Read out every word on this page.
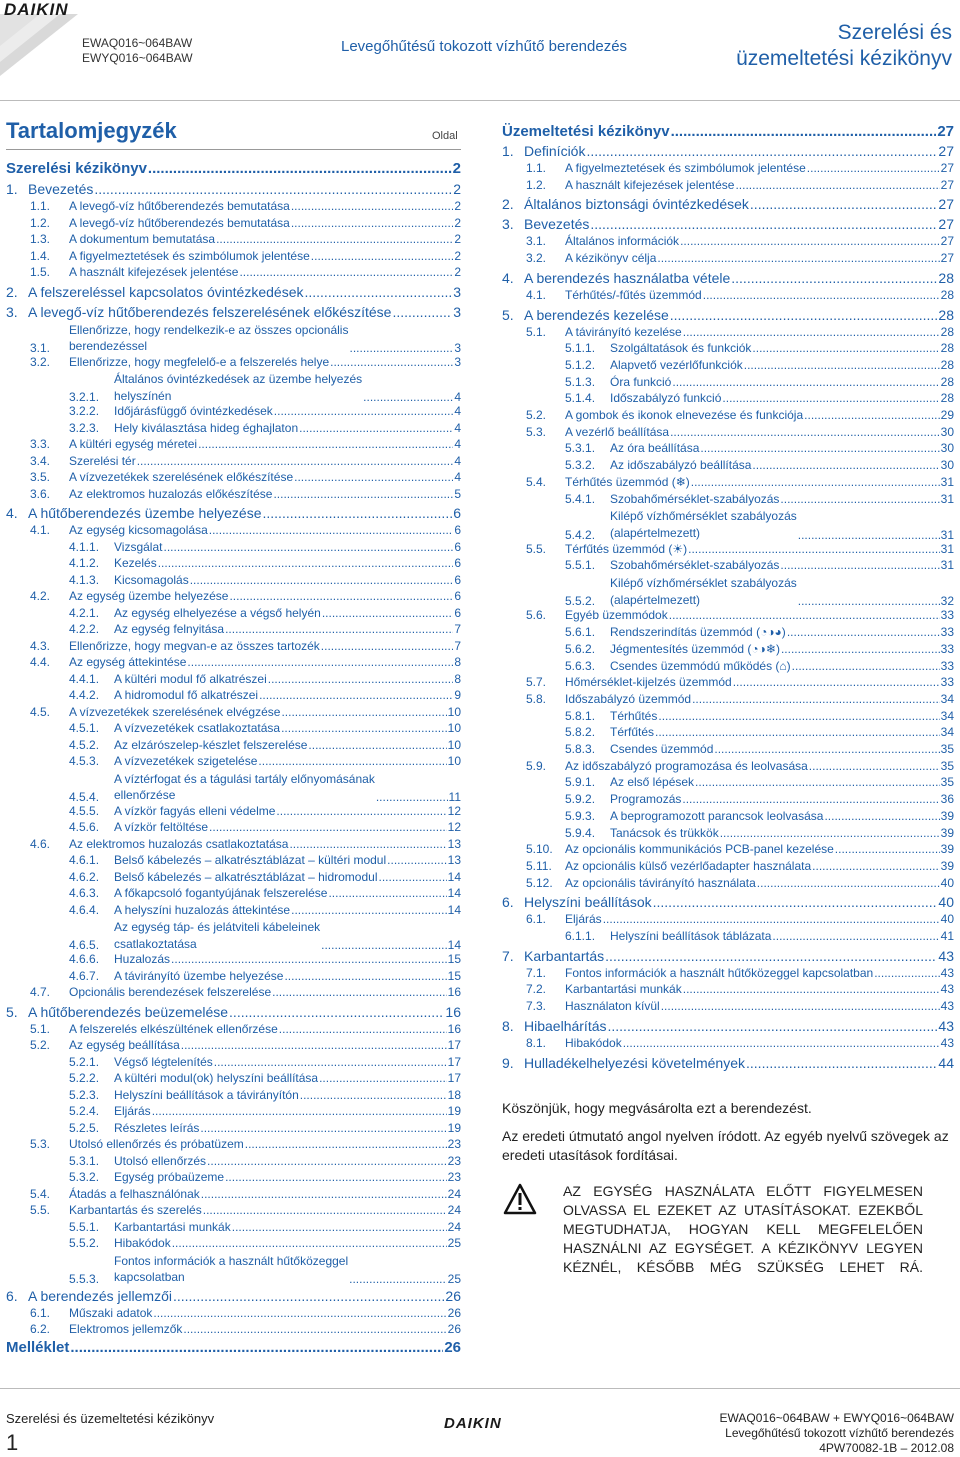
DAIKIN
EWAQ016~064BAW
EWYQ016~064BAW
Levegőhűtésű tokozott vízhűtő berendezés
Szerelési és
üzemeltetési kézikönyv
Tartalomjegyzék	Oldal
Szerelési kézikönyv .....	2
1. Bevezetés .....	2
1.1.	A levegő-víz hűtőberendezés bemutatása .....	2
1.2.	A levegő-víz hűtőberendezés bemutatása .....	2
1.3.	A dokumentum bemutatása .....	2
1.4.	A figyelmeztetések és szimbólumok jelentése .....	2
1.5.	A használt kifejezések jelentése .....	2
2. A felszereléssel kapcsolatos óvintézkedések .....	3
3. A levegő-víz hűtőberendezés felszerelésének előkészítése .....	3
3.1.
Ellenőrizze, hogy rendelkezik-e az összes opcionális
berendezéssel .....	3
3.2.	Ellenőrizze, hogy megfelelő-e a felszerelés helye .....	3
3.2.1.
Általános óvintézkedések az üzembe helyezés
helyszínén .....	4
3.2.2.	Időjárásfüggő óvintézkedések .....	4
3.2.3.	Hely kiválasztása hideg éghajlaton .....	4
3.3.	A kültéri egység méretei .....	4
3.4.	Szerelési tér .....	4
3.5.	A vízvezetékek szerelésének előkészítése .....	4
3.6.	Az elektromos huzalozás előkészítése .....	5
4. A hűtőberendezés üzembe helyezése .....	6
4.1.	Az egység kicsomagolása .....	6
4.1.1.	Vizsgálat .....	6
4.1.2.	Kezelés .....	6
4.1.3.	Kicsomagolás .....	6
4.2.	Az egység üzembe helyezése .....	6
4.2.1.	Az egység elhelyezése a végső helyén .....	6
4.2.2.	Az egység felnyitása .....	7
4.3.	Ellenőrizze, hogy megvan-e az összes tartozék .....	7
4.4.	Az egység áttekintése .....	8
4.4.1.	A kültéri modul fő alkatrészei .....	8
4.4.2.	A hidromodul fő alkatrészei .....	9
4.5.	A vízvezetékek szerelésének elvégzése .....	10
4.5.1.	A vízvezetékek csatlakoztatása .....	10
4.5.2.	Az elzárószelep-készlet felszerelése .....	10
4.5.3.	A vízvezetékek szigetelése .....	10
4.5.4.
A víztérfogat és a tágulási tartály előnyomásának
ellenőrzése .....	11
4.5.5.	A vízkör fagyás elleni védelme .....	12
4.5.6.	A vízkör feltöltése .....	12
4.6.	Az elektromos huzalozás csatlakoztatása .....	13
4.6.1.	Belső kábelezés – alkatrésztáblázat – kültéri modul .....	13
4.6.2.	Belső kábelezés – alkatrésztáblázat – hidromodul .....	14
4.6.3.	A főkapcsoló fogantyújának felszerelése .....	14
4.6.4.	A helyszíni huzalozás áttekintése .....	14
4.6.5.
Az egység táp- és jelátviteli kábeleinek
csatlakoztatása .....	14
4.6.6.	Huzalozás .....	15
4.6.7.	A távirányító üzembe helyezése .....	15
4.7.	Opcionális berendezések felszerelése .....	16
5. A hűtőberendezés beüzemelése .....	16
5.1.	A felszerelés elkészültének ellenőrzése .....	16
5.2.	Az egység beállítása .....	17
5.2.1.	Végső légtelenítés .....	17
5.2.2.	A kültéri modul(ok) helyszíni beállítása .....	17
5.2.3.	Helyszíni beállítások a távirányítón .....	18
5.2.4.	Eljárás .....	19
5.2.5.	Részletes leírás .....	19
5.3.	Utolsó ellenőrzés és próbatüzem .....	23
5.3.1.	Utolsó ellenőrzés .....	23
5.3.2.	Egység próbaüzeme .....	23
5.4.	Átadás a felhasználónak .....	24
5.5.	Karbantartás és szerelés .....	24
5.5.1.	Karbantartási munkák .....	24
5.5.2.	Hibakódok .....	25
5.5.3.
Fontos információk a használt hűtőközeggel
kapcsolatban .....	25
6. A berendezés jellemzői .....	26
6.1.	Műszaki adatok .....	26
6.2.	Elektromos jellemzők .....	26
Melléklet .....	26
Üzemeltetési kézikönyv .....	27
1. Definíciók .....	27
1.1.	A figyelmeztetések és szimbólumok jelentése .....	27
1.2.	A használt kifejezések jelentése .....	27
2. Általános biztonsági óvintézkedések .....	27
3. Bevezetés .....	27
3.1.	Általános információk .....	27
3.2.	A kézikönyv célja .....	27
4. A berendezés használatba vétele .....	28
4.1.	Térhűtés/-fűtés üzemmód .....	28
5. A berendezés kezelése .....	28
5.1.	A távirányító kezelése .....	28
5.1.1.	Szolgáltatások és funkciók .....	28
5.1.2.	Alapvető vezérlőfunkciók .....	28
5.1.3.	Óra funkció .....	28
5.1.4.	Időszabályzó funkció .....	28
5.2.	A gombok és ikonok elnevezése és funkciója .....	29
5.3.	A vezérlő beállítása .....	30
5.3.1.	Az óra beállítása .....	30
5.3.2.	Az időszabályzó beállítása .....	30
5.4.	Térhűtés üzemmód (❄) .....	31
5.4.1.	Szobahőmérséklet-szabályozás .....	31
5.4.2.
Kilépő vízhőmérséklet szabályozás
(alapértelmezett) .....	31
5.5.	Térfűtés üzemmód (☀) .....	31
5.5.1.	Szobahőmérséklet-szabályozás .....	31
5.5.2.
Kilépő vízhőmérséklet szabályozás
(alapértelmezett) .....	32
5.6.	Egyéb üzemmódok .....	33
5.6.1.	Rendszerindítás üzemmód (◔◑◕) .....	33
5.6.2.	Jégmentesítés üzemmód (◔◑❄) .....	33
5.6.3.	Csendes üzemmódú működés (⌂) .....	33
5.7.	Hőmérséklet-kijelzés üzemmód .....	33
5.8.	Időszabályzó üzemmód .....	34
5.8.1.	Térhűtés .....	34
5.8.2.	Térfűtés .....	34
5.8.3.	Csendes üzemmód .....	35
5.9.	Az időszabályzó programozása és leolvasása .....	35
5.9.1.	Az első lépések .....	35
5.9.2.	Programozás .....	36
5.9.3.	A beprogramozott parancsok leolvasása .....	39
5.9.4.	Tanácsok és trükkök .....	39
5.10.	Az opcionális kommunikációs PCB-panel kezelése .....	39
5.11.	Az opcionális külső vezérlőadapter használata .....	39
5.12.	Az opcionális távirányító használata .....	40
6. Helyszíni beállítások .....	40
6.1.	Eljárás .....	40
6.1.1.	Helyszíni beállítások táblázata .....	41
7. Karbantartás .....	43
7.1.	Fontos információk a használt hűtőközeggel kapcsolatban .....	43
7.2.	Karbantartási munkák .....	43
7.3.	Használaton kívül .....	43
8. Hibaelhárítás .....	43
8.1.	Hibakódok .....	43
9. Hulladékelhelyezési követelmények .....	44
Köszönjük, hogy megvásárolta ezt a berendezést.
Az eredeti útmutató angol nyelven íródott. Az egyéb nyelvű szövegek az eredeti utasítások fordításai.
AZ EGYSÉG HASZNÁLATA ELŐTT FIGYELMESEN OLVASSA EL EZEKET AZ UTASÍTÁSOKAT. EZEKBŐL MEGTUDHATJA, HOGYAN KELL MEGFELELŐEN HASZNÁLNI AZ EGYSÉGET. A KÉZIKÖNYV LEGYEN KÉZNÉL, KÉSŐBB MÉG SZÜKSÉG LEHET RÁ.
Szerelési és üzemeltetési kézikönyv
1
DAIKIN	EWAQ016~064BAW + EWYQ016~064BAW
Levegőhűtésű tokozott vízhűtő berendezés
4PW70082-1B – 2012.08
